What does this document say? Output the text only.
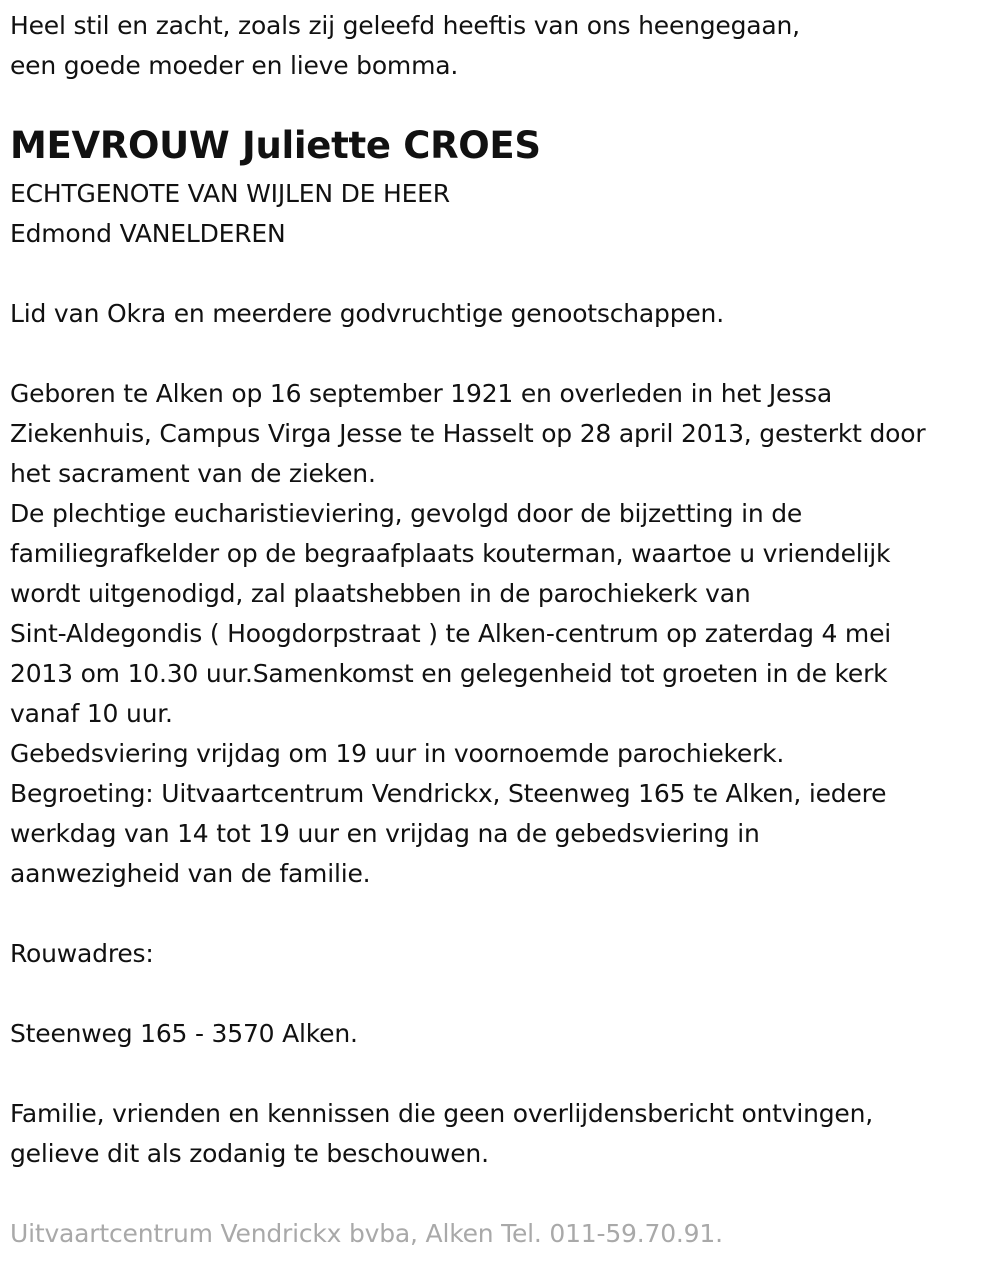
Heel stil en zacht, zoals zij geleefd heeftis van ons heengegaan,
een goede moeder en lieve bomma.
MEVROUW Juliette CROES
ECHTGENOTE VAN WIJLEN DE HEER
Edmond VANELDEREN
Lid van Okra en meerdere godvruchtige genootschappen.
Geboren te Alken op 16 september 1921 en overleden in het Jessa
Ziekenhuis, Campus Virga Jesse te Hasselt op 28 april 2013, gesterkt door
het sacrament van de zieken.
De plechtige eucharistieviering, gevolgd door de bijzetting in de
familiegrafkelder op de begraafplaats kouterman, waartoe u vriendelijk
wordt uitgenodigd, zal plaatshebben in de parochiekerk van
Sint-Aldegondis ( Hoogdorpstraat ) te Alken-centrum op zaterdag 4 mei
2013 om 10.30 uur.Samenkomst en gelegenheid tot groeten in de kerk
vanaf 10 uur.
Gebedsviering vrijdag om 19 uur in voornoemde parochiekerk.
Begroeting: Uitvaartcentrum Vendrickx, Steenweg 165 te Alken, iedere
werkdag van 14 tot 19 uur en vrijdag na de gebedsviering in
aanwezigheid van de familie.
Rouwadres:
Steenweg 165 - 3570 Alken.
Familie, vrienden en kennissen die geen overlijdensbericht ontvingen,
gelieve dit als zodanig te beschouwen.
Uitvaartcentrum Vendrickx bvba, Alken Tel. 011-59.70.91.
